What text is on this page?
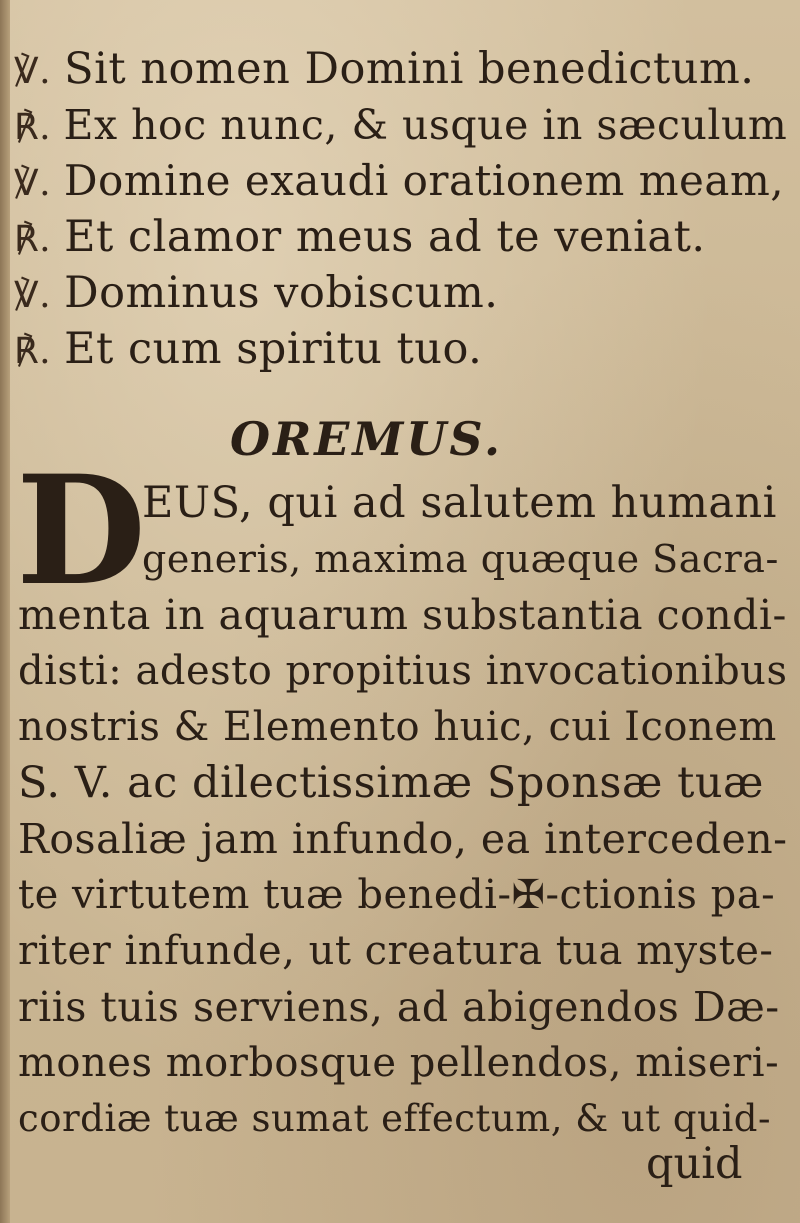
℣. Sit nomen Domini benedictum.
℟. Ex hoc nunc, & usque in sæculum
℣. Domine exaudi orationem meam,
℟. Et clamor meus ad te veniat.
℣. Dominus vobiscum.
℟. Et cum spiritu tuo.
OREMUS.
D
EUS, qui ad salutem humani
generis, maxima quæque Sacra-
menta in aquarum substantia condi-
disti: adesto propitius invocationibus
nostris & Elemento huic, cui Iconem
S. V. ac dilectissimæ Sponsæ tuæ
Rosaliæ jam infundo, ea interceden-
te virtutem tuæ benedi-✠-ctionis pa-
riter infunde, ut creatura tua myste-
riis tuis serviens, ad abigendos Dæ-
mones morbosque pellendos, miseri-
cordiæ tuæ sumat effectum, & ut quid-
quid
